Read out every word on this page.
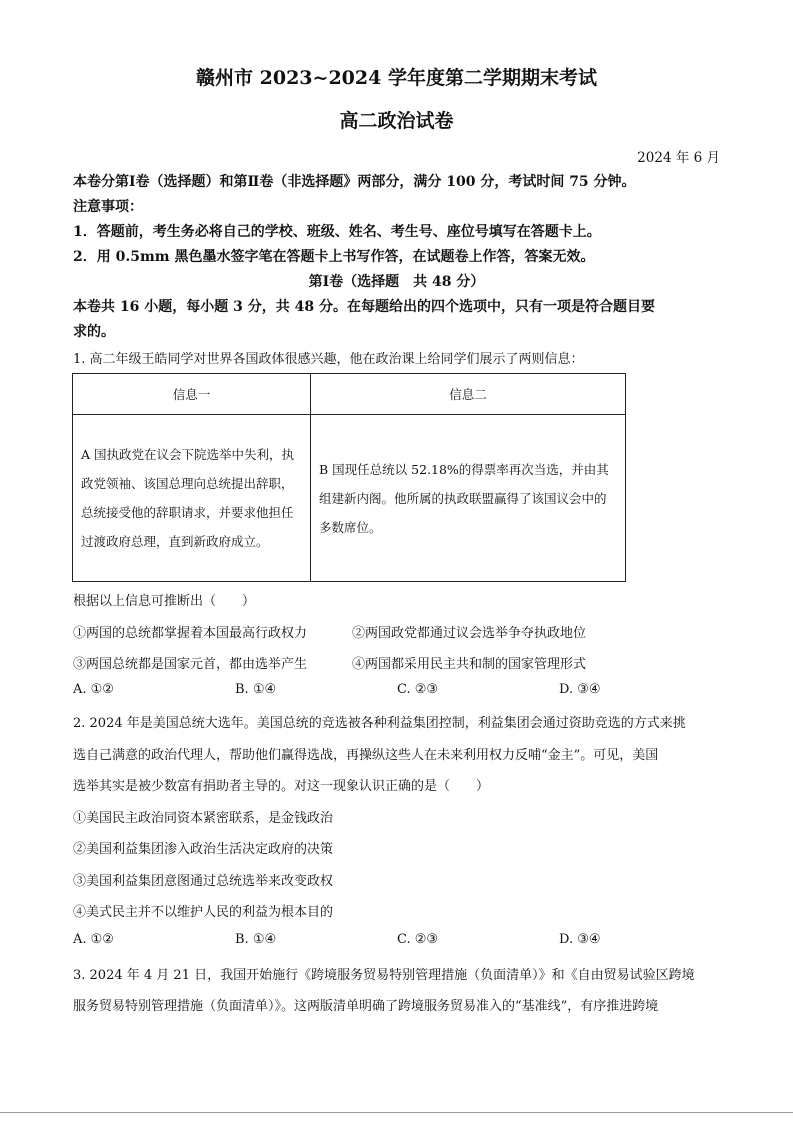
赣州市 2023~2024 学年度第二学期期末考试
高二政治试卷
2024 年 6 月
本卷分第Ⅰ卷（选择题）和第Ⅱ卷（非选择题》两部分，满分 100 分，考试时间 75 分钟。
注意事项：
1．答题前，考生务必将自己的学校、班级、姓名、考生号、座位号填写在答题卡上。
2．用 0.5mm 黑色墨水签字笔在答题卡上书写作答，在试题卷上作答，答案无效。
第Ⅰ卷（选择题　共 48 分）
本卷共 16 小题，每小题 3 分，共 48 分。在每题给出的四个选项中，只有一项是符合题目要
求的。
1. 高二年级王皓同学对世界各国政体很感兴趣，他在政治课上给同学们展示了两则信息：
信息一	信息二
A 国执政党在议会下院选举中失利，执政党领袖、该国总理向总统提出辞职，总统接受他的辞职请求，并要求他担任过渡政府总理，直到新政府成立。	B 国现任总统以 52.18%的得票率再次当选，并由其组建新内阁。他所属的执政联盟赢得了该国议会中的多数席位。
根据以上信息可推断出（　　）
①两国的总统都掌握着本国最高行政权力	②两国政党都通过议会选举争夺执政地位
③两国总统都是国家元首，都由选举产生	④两国都采用民主共和制的国家管理形式
A. ①②	B. ①④	C. ②③	D. ③④
2. 2024 年是美国总统大选年。美国总统的竞选被各种利益集团控制，利益集团会通过资助竞选的方式来挑
选自己满意的政治代理人，帮助他们赢得选战，再操纵这些人在未来利用权力反哺“金主”。可见，美国
选举其实是被少数富有捐助者主导的。对这一现象认识正确的是（　　）
①美国民主政治同资本紧密联系，是金钱政治
②美国利益集团渗入政治生活决定政府的决策
③美国利益集团意图通过总统选举来改变政权
④美式民主并不以维护人民的利益为根本目的
A. ①②	B. ①④	C. ②③	D. ③④
3. 2024 年 4 月 21 日，我国开始施行《跨境服务贸易特别管理措施（负面清单）》和《自由贸易试验区跨境
服务贸易特别管理措施（负面清单）》。这两版清单明确了跨境服务贸易准入的“基准线”，有序推进跨境
